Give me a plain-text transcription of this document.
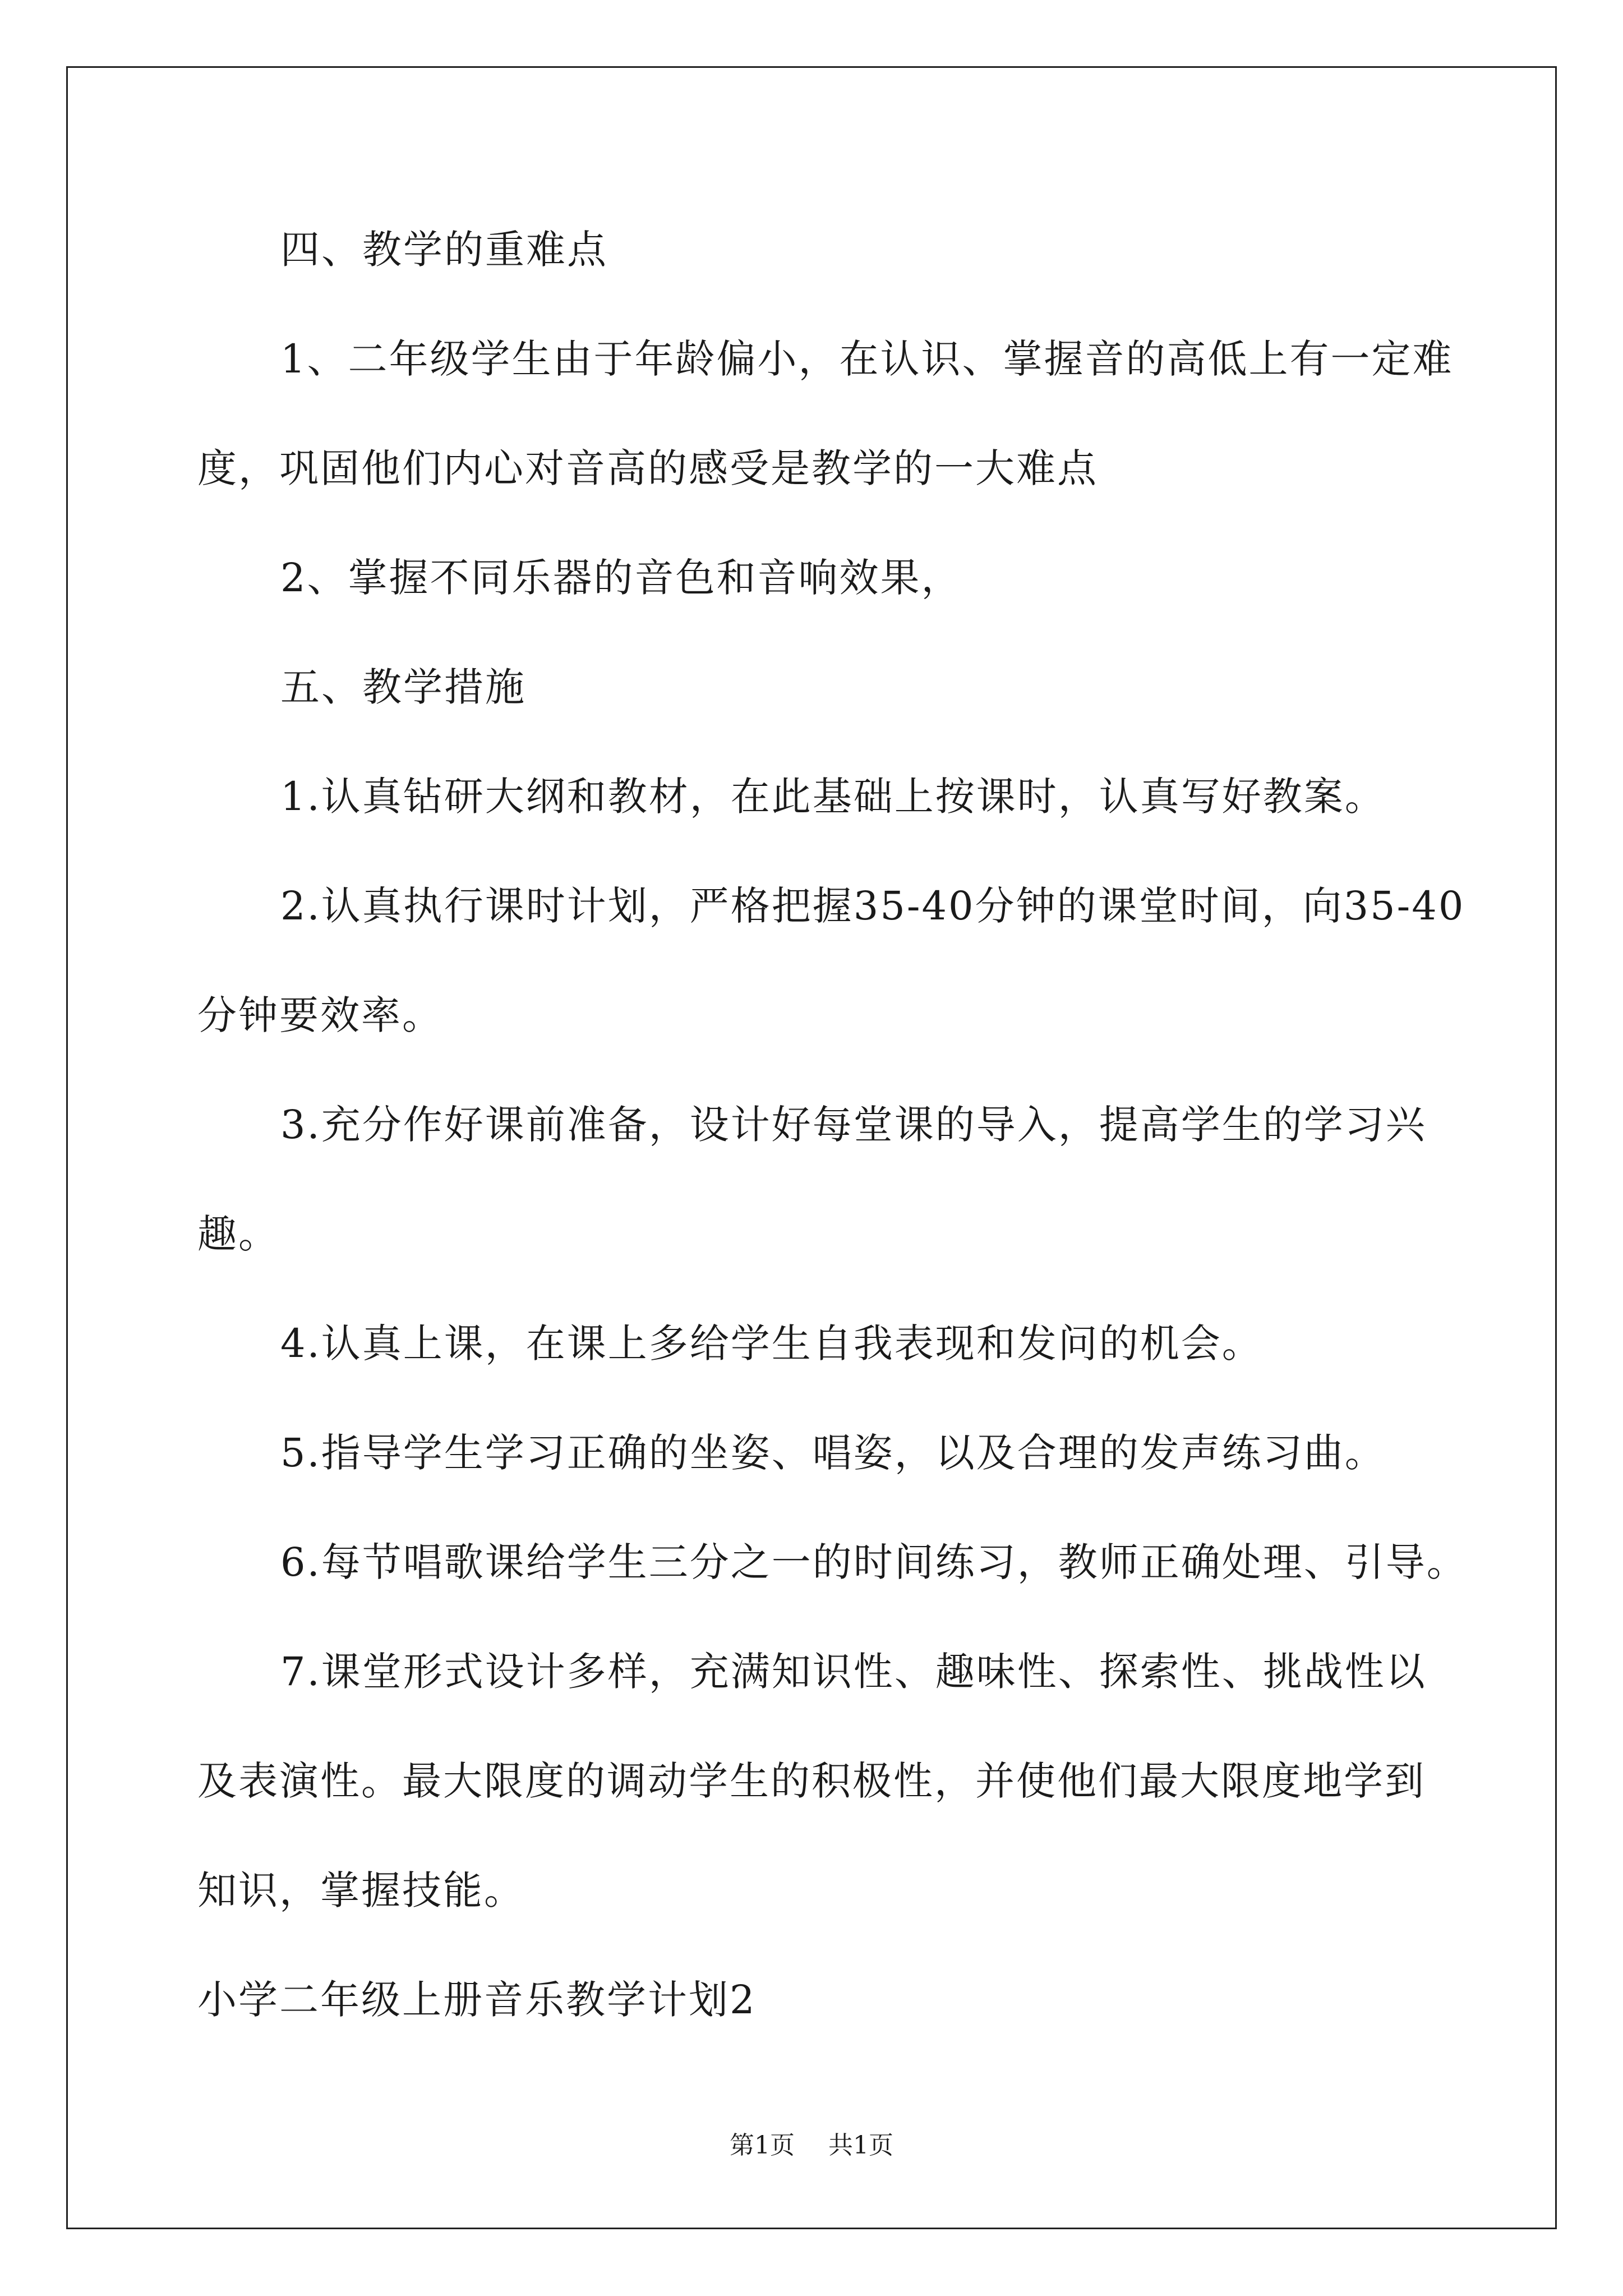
四、教学的重难点
1、二年级学生由于年龄偏小，在认识、掌握音的高低上有一定难
度，巩固他们内心对音高的感受是教学的一大难点
2、掌握不同乐器的音色和音响效果，
五、教学措施
1.认真钻研大纲和教材，在此基础上按课时，认真写好教案。
2.认真执行课时计划，严格把握35-40分钟的课堂时间，向35-40
分钟要效率。
3.充分作好课前准备，设计好每堂课的导入，提高学生的学习兴
趣。
4.认真上课，在课上多给学生自我表现和发问的机会。
5.指导学生学习正确的坐姿、唱姿，以及合理的发声练习曲。
6.每节唱歌课给学生三分之一的时间练习，教师正确处理、引导。
7.课堂形式设计多样，充满知识性、趣味性、探索性、挑战性以
及表演性。最大限度的调动学生的积极性，并使他们最大限度地学到
知识，掌握技能。
小学二年级上册音乐教学计划2
第1页 共1页
